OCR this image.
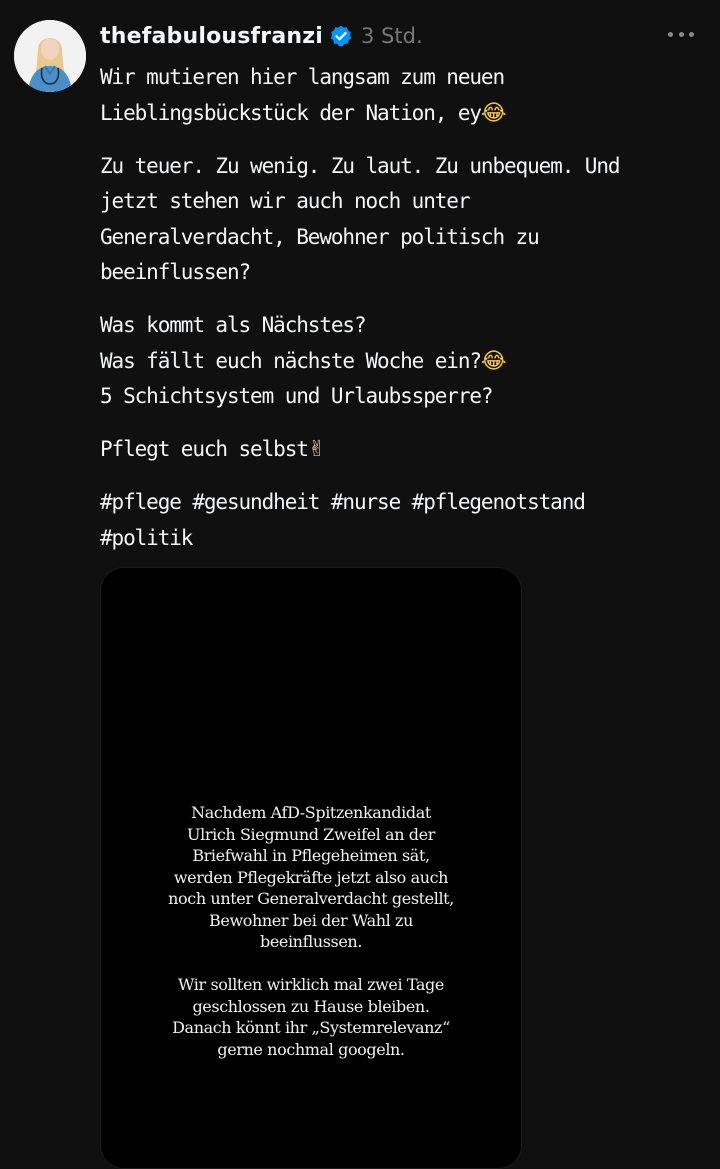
thefabulousfranzi 3 Std.
Wir mutieren hier langsam zum neuen
Lieblingsbückstück der Nation, ey😂
Zu teuer. Zu wenig. Zu laut. Zu unbequem. Und
jetzt stehen wir auch noch unter
Generalverdacht, Bewohner politisch zu
beeinflussen?
Was kommt als Nächstes?
Was fällt euch nächste Woche ein?😂
5 Schichtsystem und Urlaubssperre?
Pflegt euch selbst✌
#pflege #gesundheit #nurse #pflegenotstand
#politik
Nachdem AfD-Spitzenkandidat
Ulrich Siegmund Zweifel an der
Briefwahl in Pflegeheimen sät,
werden Pflegekräfte jetzt also auch
noch unter Generalverdacht gestellt,
Bewohner bei der Wahl zu
beeinflussen.
Wir sollten wirklich mal zwei Tage
geschlossen zu Hause bleiben.
Danach könnt ihr „Systemrelevanz“
gerne nochmal googeln.
